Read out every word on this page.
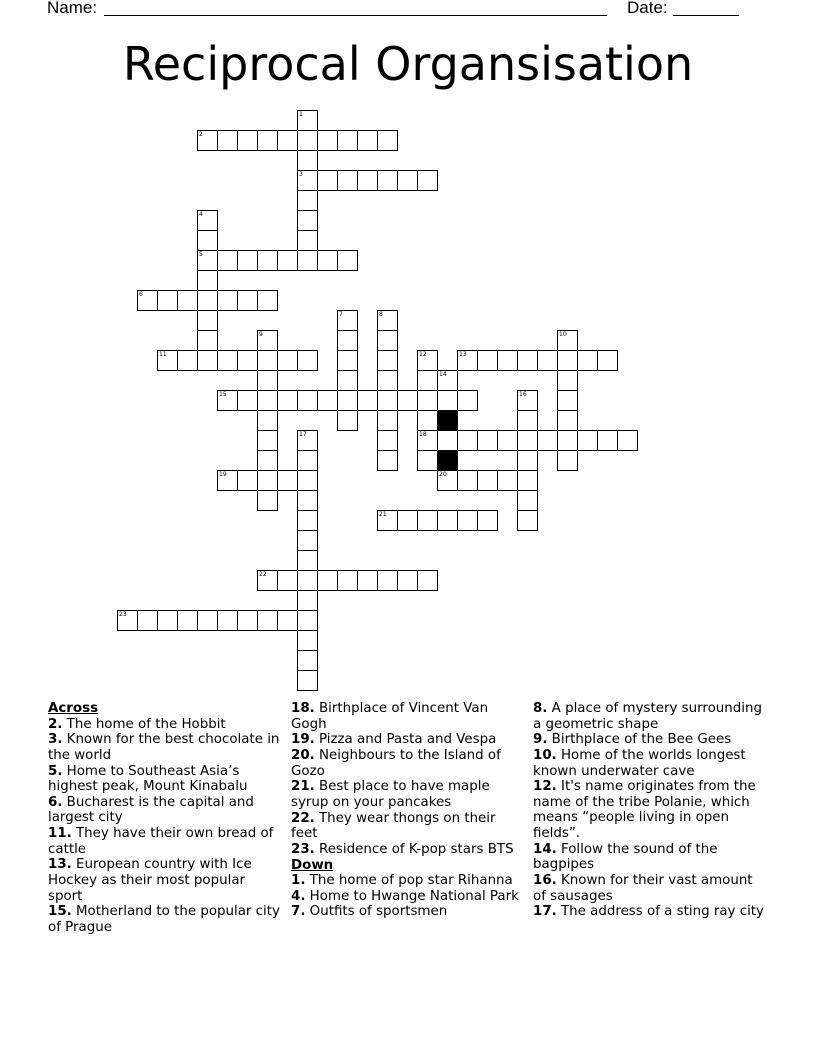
Name:	Date:
Reciprocal Organsisation
1
3
2
4
5
6
7	8
9	10
11	12
18
13
14
20
15	16
17
19
21
22
23
Across
2. The home of the Hobbit
3. Known for the best chocolate in the world
5. Home to Southeast Asia’s highest peak, Mount Kinabalu
6. Bucharest is the capital and largest city
11. They have their own bread of cattle
13. European country with Ice Hockey as their most popular sport
15. Motherland to the popular city of Prague
18. Birthplace of Vincent Van Gogh
19. Pizza and Pasta and Vespa
20. Neighbours to the Island of Gozo
21. Best place to have maple syrup on your pancakes
22. They wear thongs on their feet
23. Residence of K-pop stars BTS
Down
1. The home of pop star Rihanna
4. Home to Hwange National Park
7. Outfits of sportsmen
8. A place of mystery surrounding a geometric shape
9. Birthplace of the Bee Gees
10. Home of the worlds longest known underwater cave
12. It's name originates from the name of the tribe Polanie, which means “people living in open fields”.
14. Follow the sound of the bagpipes
16. Known for their vast amount of sausages
17. The address of a sting ray city
